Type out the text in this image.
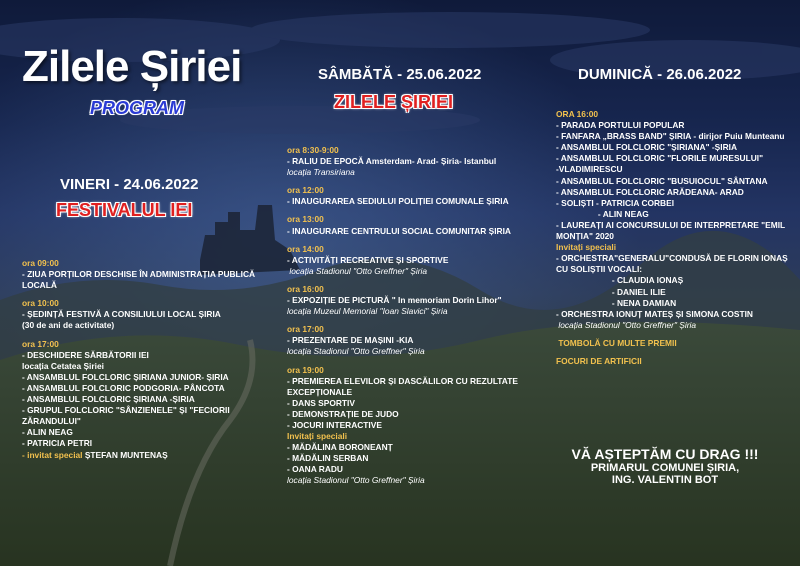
Zilele Șiriei
PROGRAM
VINERI - 24.06.2022
FESTIVALUL IEI
ora 09:00
- ZIUA PORȚILOR DESCHISE ÎN ADMINISTRAȚIA PUBLICĂ
LOCALĂ
ora 10:00
- ȘEDINȚĂ FESTIVĂ A CONSILIULUI LOCAL ȘIRIA
(30 de ani de activitate)
ora 17:00
- DESCHIDERE SĂRBĂTORII IEI
locația Cetatea Șiriei
- ANSAMBLUL FOLCLORIC ȘIRIANA JUNIOR- ȘIRIA
- ANSAMBLUL FOLCLORIC PODGORIA- PÂNCOTA
- ANSAMBLUL FOLCLORIC ȘIRIANA -ȘIRIA
- GRUPUL FOLCLORIC "SÂNZIENELE" ȘI "FECIORII
ZĂRANDULUI"
- ALIN NEAG
- PATRICIA PETRI
- invitat special ȘTEFAN MUNTENAȘ
SÂMBĂTĂ - 25.06.2022
ZILELE ȘIRIEI
ora 8:30-9:00
- RALIU DE EPOCĂ Amsterdam- Arad- Șiria- Istanbul
locația Transiriana
ora 12:00
- INAUGURAREA SEDIULUI POLIȚIEI COMUNALE ȘIRIA
ora 13:00
- INAUGURARE CENTRULUI SOCIAL COMUNITAR ȘIRIA
ora 14:00
- ACTIVITĂȚI RECREATIVE ȘI SPORTIVE
locația Stadionul "Otto Greffner" Șiria
ora 16:00
- EXPOZIȚIE DE PICTURĂ " In memoriam Dorin Lihor"
locația Muzeul Memorial "Ioan Slavici" Șiria
ora 17:00
- PREZENTARE DE MAȘINI -KIA
locația Stadionul "Otto Greffner" Șiria
ora 19:00
- PREMIEREA ELEVILOR ȘI DASCĂLILOR CU REZULTATE
EXCEPȚIONALE
- DANS SPORTIV
- DEMONSTRAȚIE DE JUDO
- JOCURI INTERACTIVE
Invitați speciali
- MĂDĂLINA BORONEANȚ
- MĂDĂLIN SERBAN
- OANA RADU
locația Stadionul "Otto Greffner" Șiria
DUMINICĂ - 26.06.2022
ORA 16:00
- PARADA PORTULUI POPULAR
- FANFARA „BRASS BAND" ȘIRIA - dirijor Puiu Munteanu
- ANSAMBLUL FOLCLORIC "ȘIRIANA" -ȘIRIA
- ANSAMBLUL FOLCLORIC "FLORILE MURESULUI"
-VLADIMIRESCU
- ANSAMBLUL FOLCLORIC "BUSUIOCUL" SÂNTANA
- ANSAMBLUL FOLCLORIC ARĂDEANA- ARAD
- SOLIȘTI - PATRICIA CORBEI
- ALIN NEAG
- LAUREAȚI AI CONCURSULUI DE INTERPRETARE "EMIL
MONȚIA" 2020
Invitați speciali
- ORCHESTRA"GENERALU"CONDUSĂ DE FLORIN IONAȘ
CU SOLIȘTII VOCALI:
- CLAUDIA IONAȘ
- DANIEL ILIE
- NENA DAMIAN
- ORCHESTRA IONUȚ MATEȘ ȘI SIMONA COSTIN
locația Stadionul "Otto Greffner" Șiria
TOMBOLĂ CU MULTE PREMII
FOCURI DE ARTIFICII
VĂ AȘTEPTĂM CU DRAG !!!
PRIMARUL COMUNEI ȘIRIA,
ING. VALENTIN BOT
